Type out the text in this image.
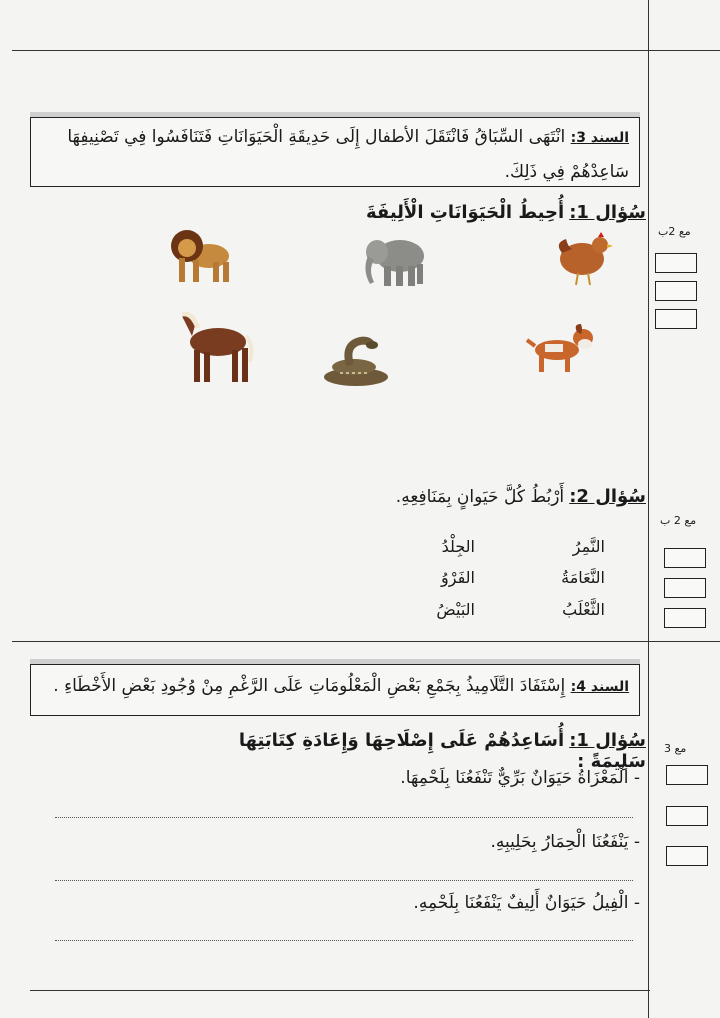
السند 3: انْتَهَى السِّبَاقُ فَانْتَقَلَ الأطفال إِلَى حَدِيقَةِ الْحَيَوَانَاتِ فَتَنَافَسُوا فِي تَصْنِيفِهَا سَاعِدْهُمْ فِي ذَلِكَ.
سُؤال 1: أُحِيطُ الْحَيَوَانَاتِ الْأَلِيفَةَ
مع 2ب
سُؤال 2: أَرْبُطُ كُلَّ حَيَوانٍ بِمَنَافِعِهِ.
مع 2 ب
النَّمِرُ
النَّعَامَةُ
الثَّعْلَبُ
الجِلْدُ
الفَرْوُ
البَيْضُ
السند 4: إِسْتَفَادَ التَّلَامِيذُ بِجَمْعِ بَعْضِ الْمَعْلُومَاتِ عَلَى الرَّغْمِ مِنْ وُجُودِ بَعْضِ الأَخْطَاءِ .
سُؤال 1: أُسَاعِدُهُمْ عَلَى إِصْلَاحِهَا وَإِعَادَةِ كِتَابَتِهَا سَلِيمَةً :
مع 3
- الْمَعْزَاةُ حَيَوَانٌ بَرِّيٌّ تَنْفَعُنَا بِلَحْمِهَا.
- يَنْفَعُنَا الْحِمَارُ بِحَلِيبِهِ.
- الْفِيلُ حَيَوَانٌ أَلِيفٌ يَنْفَعُنَا بِلَحْمِهِ.
